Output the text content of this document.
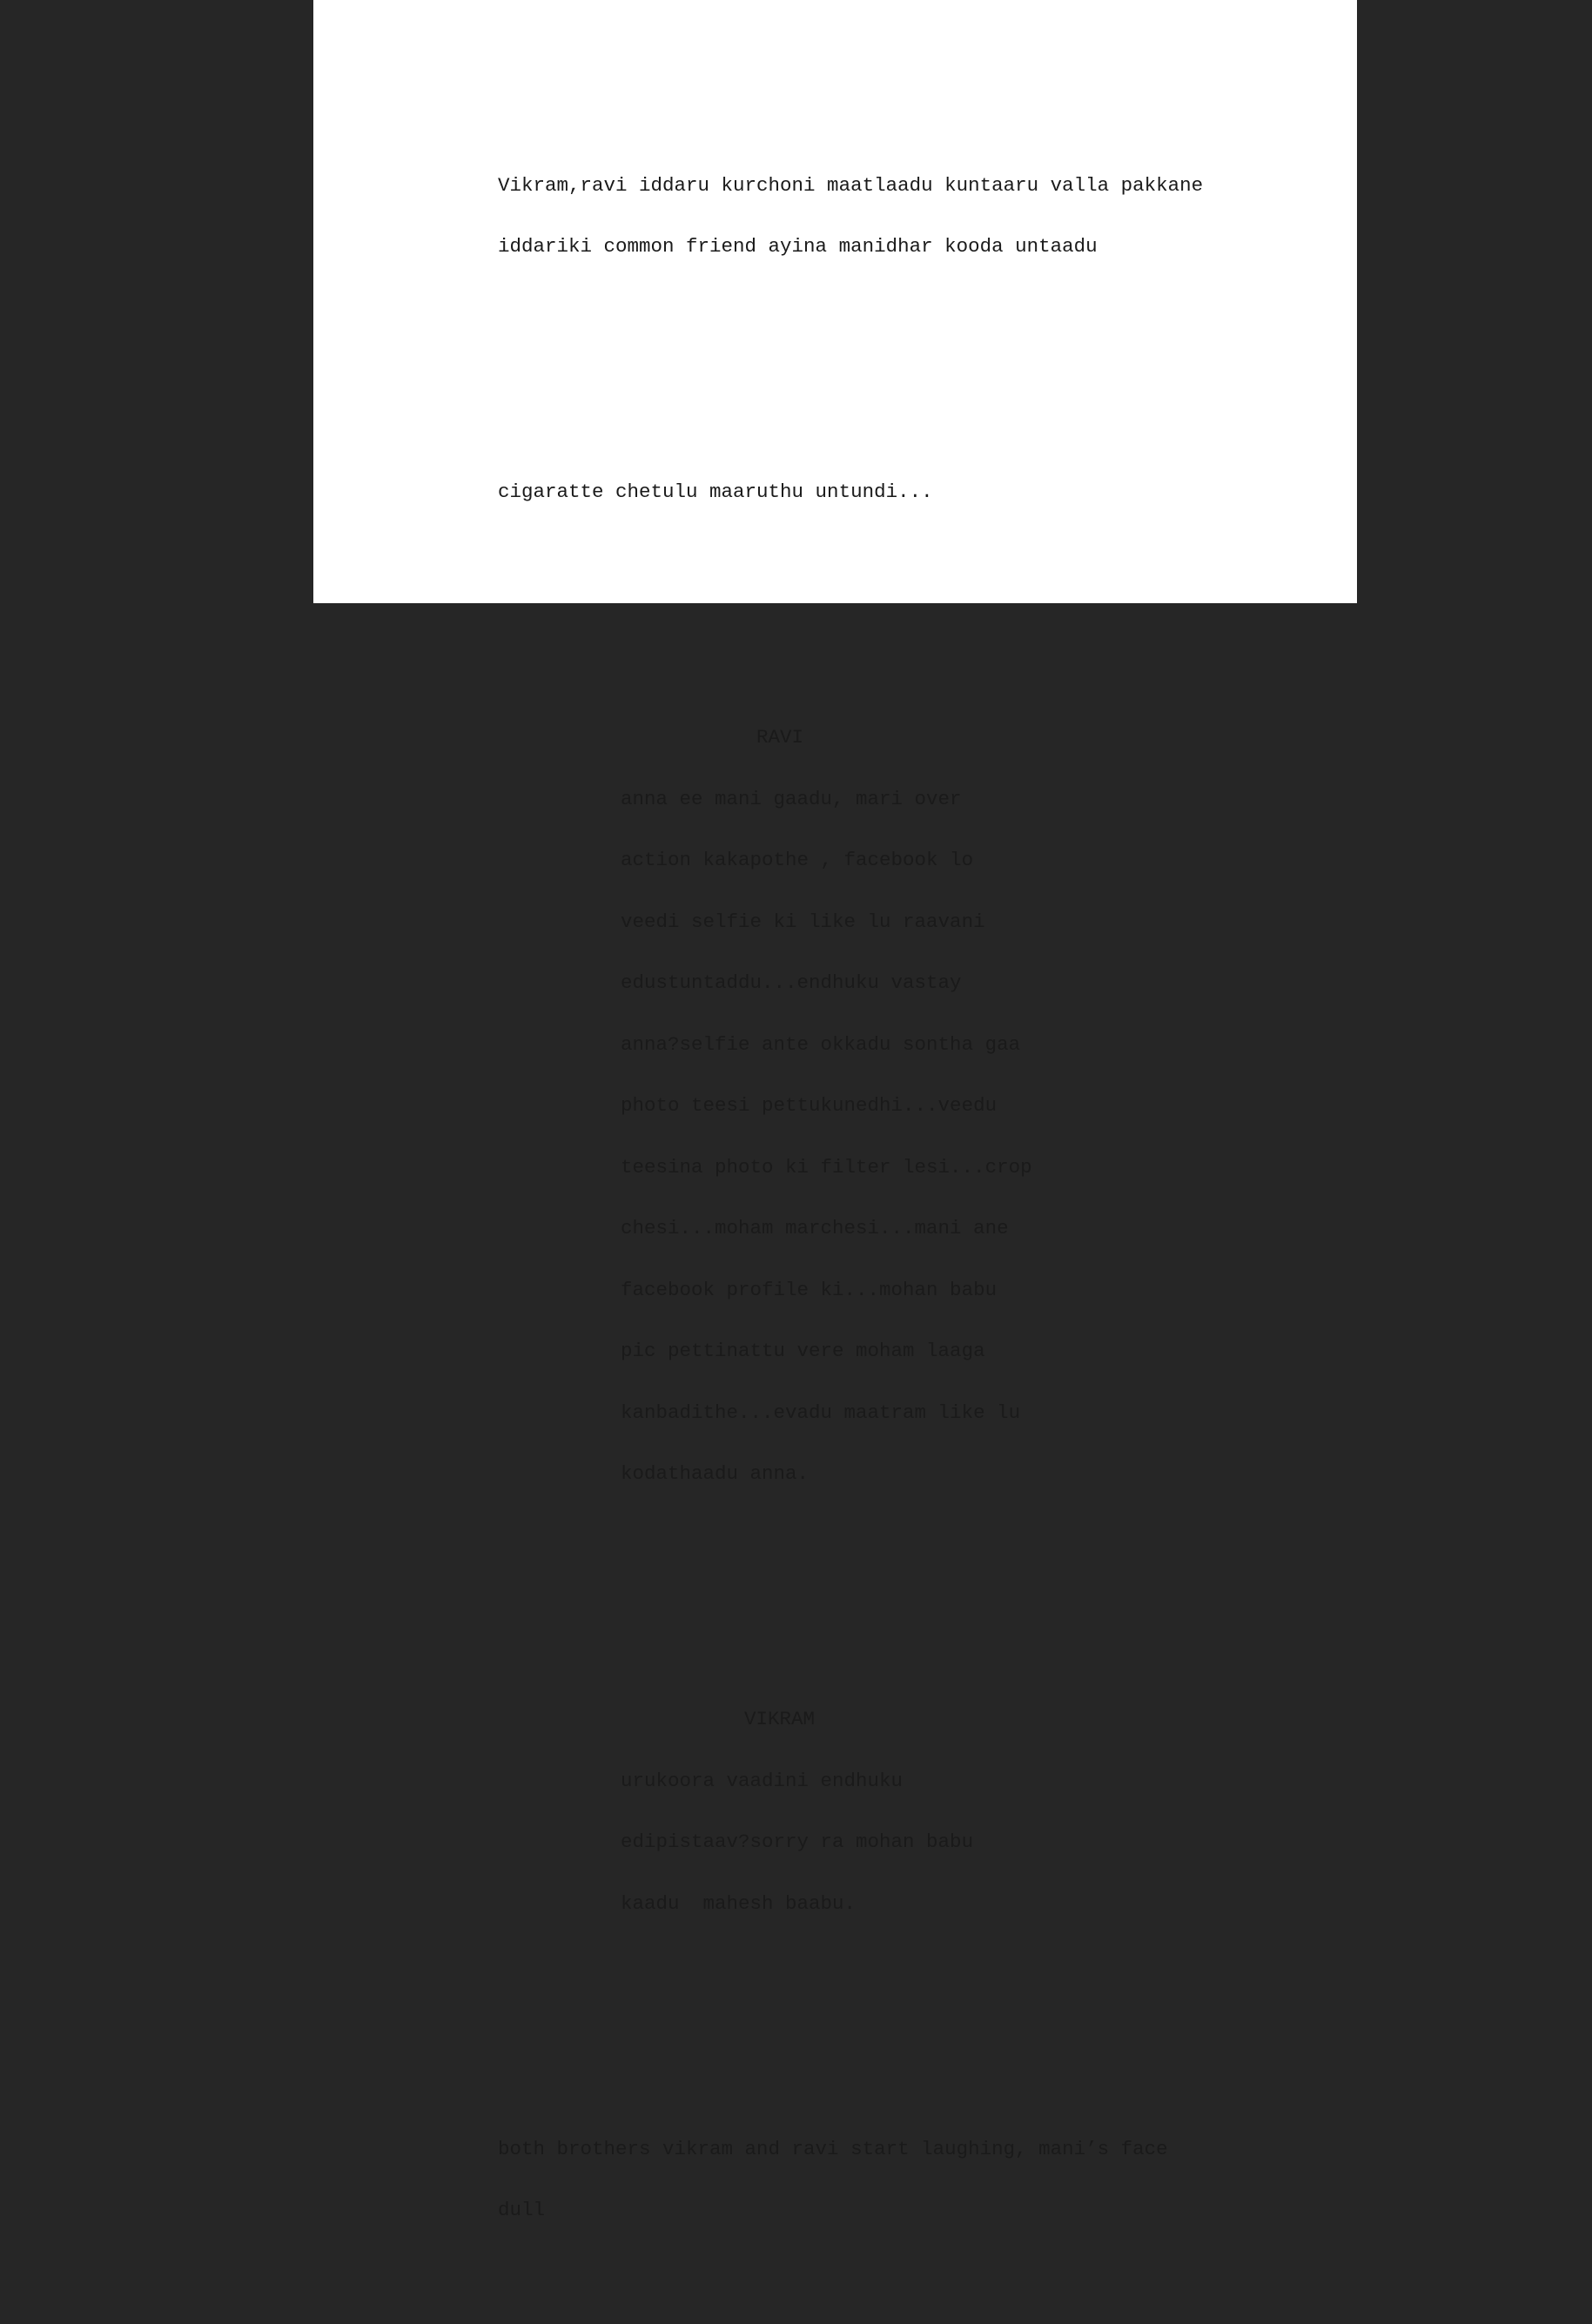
Vikram,ravi iddaru kurchoni maatlaadu kuntaaru valla pakkane

iddariki common friend ayina manidhar kooda untaadu

cigaratte chetulu maaruthu untundi...

RAVI

anna ee mani gaadu, mari over

action kakapothe , facebook lo

veedi selfie ki like lu raavani

edustuntaddu...endhuku vastay

anna?selfie ante okkadu sontha gaa

photo teesi pettukunedhi...veedu

teesina photo ki filter lesi...crop

chesi...moham marchesi...mani ane

facebook profile ki...mohan babu

pic pettinattu vere moham laaga

kanbadithe...evadu maatram like lu

kodathaadu anna.

VIKRAM

urukoora vaadini endhuku

edipistaav?sorry ra mohan babu

kaadu  mahesh baabu.

both brothers vikram and ravi start laughing, mani’s face

dull
